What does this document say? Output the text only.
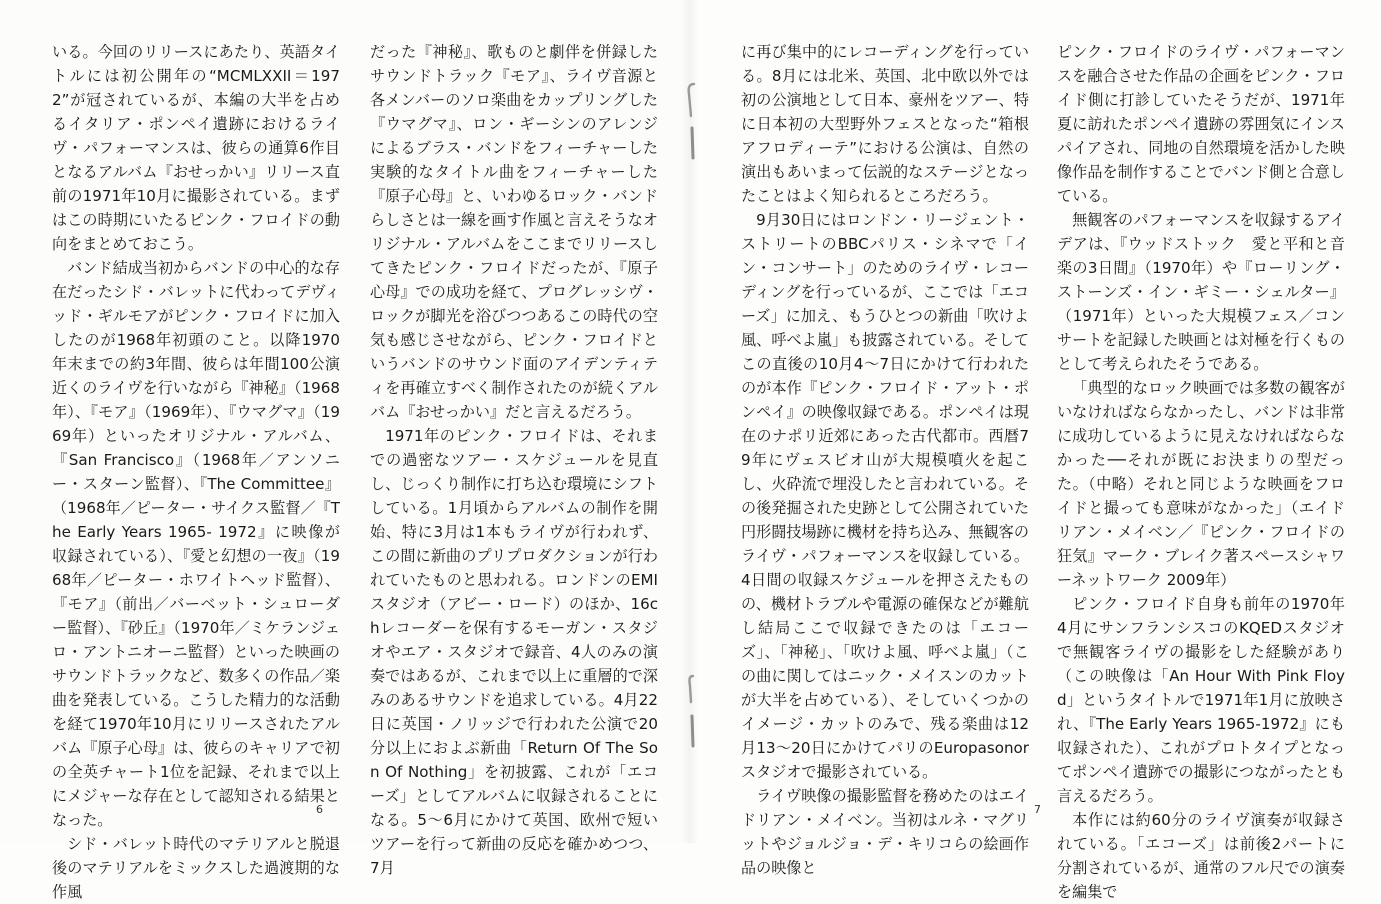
いる。今回のリリースにあたり、英語タイトルには初公開年の“MCMLXXII＝1972”が冠されているが、本編の大半を占めるイタリア・ポンペイ遺跡におけるライヴ・パフォーマンスは、彼らの通算6作目となるアルバム『おせっかい』リリース直前の1971年10月に撮影されている。まずはこの時期にいたるピンク・フロイドの動向をまとめておこう。

バンド結成当初からバンドの中心的な存在だったシド・バレットに代わってデヴィッド・ギルモアがピンク・フロイドに加入したのが1968年初頭のこと。以降1970年末までの約3年間、彼らは年間100公演近くのライヴを行いながら『神秘』（1968年）、『モア』（1969年）、『ウマグマ』（1969年）といったオリジナル・アルバム、『San Francisco』（1968年／アンソニー・スターン監督）、『The Committee』（1968年／ピーター・サイクス監督／『The Early Years 1965- 1972』に映像が収録されている）、『愛と幻想の一夜』（1968年／ピーター・ホワイトヘッド監督）、『モア』（前出／バーベット・シュローダー監督）、『砂丘』（1970年／ミケランジェロ・アントニオーニ監督）といった映画のサウンドトラックなど、数多くの作品／楽曲を発表している。こうした精力的な活動を経て1970年10月にリリースされたアルバム『原子心母』は、彼らのキャリアで初の全英チャート1位を記録、それまで以上にメジャーな存在として認知される結果となった。

シド・バレット時代のマテリアルと脱退後のマテリアルをミックスした過渡期的な作風

だった『神秘』、歌ものと劇伴を併録したサウンドトラック『モア』、ライヴ音源と各メンバーのソロ楽曲をカップリングした『ウマグマ』、ロン・ギーシンのアレンジによるブラス・バンドをフィーチャーした実験的なタイトル曲をフィーチャーした『原子心母』と、いわゆるロック・バンドらしさとは一線を画す作風と言えそうなオリジナル・アルバムをここまでリリースしてきたピンク・フロイドだったが、『原子心母』での成功を経て、プログレッシヴ・ロックが脚光を浴びつつあるこの時代の空気も感じさせながら、ピンク・フロイドというバンドのサウンド面のアイデンティティを再確立すべく制作されたのが続くアルバム『おせっかい』だと言えるだろう。

1971年のピンク・フロイドは、それまでの過密なツアー・スケジュールを見直し、じっくり制作に打ち込む環境にシフトしている。1月頃からアルバムの制作を開始、特に3月は1本もライヴが行われず、この間に新曲のプリプロダクションが行われていたものと思われる。ロンドンのEMIスタジオ（アビー・ロード）のほか、16chレコーダーを保有するモーガン・スタジオやエア・スタジオで録音、4人のみの演奏ではあるが、これまで以上に重層的で深みのあるサウンドを追求している。4月22日に英国・ノリッジで行われた公演で20分以上におよぶ新曲「Return Of The Son Of Nothing」を初披露、これが「エコーズ」としてアルバムに収録されることになる。5〜6月にかけて英国、欧州で短いツアーを行って新曲の反応を確かめつつ、7月

6

に再び集中的にレコーディングを行っている。8月には北米、英国、北中欧以外では初の公演地として日本、豪州をツアー、特に日本初の大型野外フェスとなった“箱根アフロディーテ”における公演は、自然の演出もあいまって伝説的なステージとなったことはよく知られるところだろう。

9月30日にはロンドン・リージェント・ストリートのBBCパリス・シネマで「イン・コンサート」のためのライヴ・レコーディングを行っているが、ここでは「エコーズ」に加え、もうひとつの新曲「吹けよ風、呼べよ嵐」も披露されている。そしてこの直後の10月4〜7日にかけて行われたのが本作『ピンク・フロイド・アット・ポンペイ』の映像収録である。ポンペイは現在のナポリ近郊にあった古代都市。西暦79年にヴェスビオ山が大規模噴火を起こし、火砕流で埋没したと言われている。その後発掘された史跡として公開されていた円形闘技場跡に機材を持ち込み、無観客のライヴ・パフォーマンスを収録している。4日間の収録スケジュールを押さえたものの、機材トラブルや電源の確保などが難航し結局ここで収録できたのは「エコーズ」、「神秘」、「吹けよ風、呼べよ嵐」（この曲に関してはニック・メイスンのカットが大半を占めている）、そしていくつかのイメージ・カットのみで、残る楽曲は12月13〜20日にかけてパリのEuropasonorスタジオで撮影されている。

ライヴ映像の撮影監督を務めたのはエイドリアン・メイベン。当初はルネ・マグリットやジョルジョ・デ・キリコらの絵画作品の映像と

ピンク・フロイドのライヴ・パフォーマンスを融合させた作品の企画をピンク・フロイド側に打診していたそうだが、1971年夏に訪れたポンペイ遺跡の雰囲気にインスパイアされ、同地の自然環境を活かした映像作品を制作することでバンド側と合意している。

無観客のパフォーマンスを収録するアイデアは、『ウッドストック　愛と平和と音楽の3日間』（1970年）や『ローリング・ストーンズ・イン・ギミー・シェルター』（1971年）といった大規模フェス／コンサートを記録した映画とは対極を行くものとして考えられたそうである。

「典型的なロック映画では多数の観客がいなければならなかったし、バンドは非常に成功しているように見えなければならなかった──それが既にお決まりの型だった。（中略）それと同じような映画をフロイドと撮っても意味がなかった」（エイドリアン・メイベン／『ピンク・フロイドの狂気』マーク・ブレイク著スペースシャワーネットワーク 2009年）

ピンク・フロイド自身も前年の1970年4月にサンフランシスコのKQEDスタジオで無観客ライヴの撮影をした経験があり（この映像は「An Hour With Pink Floyd」というタイトルで1971年1月に放映され、『The Early Years 1965-1972』にも収録された）、これがプロトタイプとなってポンペイ遺跡での撮影につながったとも言えるだろう。

本作には約60分のライヴ演奏が収録されている。「エコーズ」は前後2パートに分割されているが、通常のフル尺での演奏を編集で

7
